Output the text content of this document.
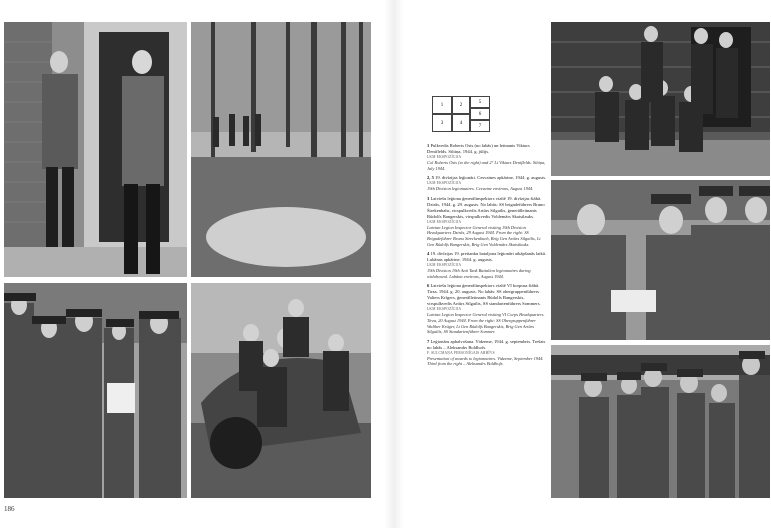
186
1	2
3	4
5
6
7
1 Pulkvedis Roberts Osis (no labās) un leitnants Vikturs Deniflelds. Siltiņa, 1944. g. jūlijs.
LKM EKSPOZĪCIJA
Col Roberts Osis (to the right) and 2° Lt Vikturs Deniflelds. Siltiņa, July 1944.
2, 5 19. divīzijas leģionāri. Cesvaines apkārtne, 1944. g. augusts.
LKM EKSPOZĪCIJA
19th Division legionnaires. Cesvaine environs, August 1944.
3 Latviešu leģiona ģenerālinspektors vizītē 19. divīzijas štābā. Dzirās, 1944. g. 29. augusts. No labās: SS brigadeführers Bruno Štrekenbahs, virspulkvedis Artūrs Silgailis, ģenerālleitnants Rūdolfs Bangerskis, virspulkvedis Voldemārs Skaistlauks.
LKM EKSPOZĪCIJA
Latvian Legion Inspector General visiting 19th Division Headquarters Dzirās, 29 August 1944. From the right: SS Brigadeführer Bruno Streckenbach, Brig Gen Artūrs Silgailis, Lt Gen Rūdolfs Bangerskis, Brig Gen Voldemārs Skaistlauks.
4 19. divīzijas 19. prettanku bataljona leģionāri atkāpšanās laikā. Lubānas apkārtne, 1944. g. augusts.
LKM EKSPOZĪCIJA
19th Division 19th Anti Tank Battalion legionnaires during withdrawal. Lubāna environs, August 1944.
6 Latviešu leģiona ģenerālinspektors vizītē VI korpusa štābā. Tirza, 1944. g. 20. augusts. No labās: SS obergruppenführers Valters Krīgers, ģenerālleitnants Rūdolfs Bangerskis, virspulkvedis Artūrs Silgailis, SS standartenführers Sommers.
LKM EKSPOZĪCIJA
Latvian Legion Inspector General visiting VI Corps Headquarters. Tirza, 20 August 1944. From the right: SS Obergruppenführer Walther Krüger, Lt Gen Rūdolfs Bangerskis, Brig Gen Artūrs Silgailis, SS Standartenführer Sommer.
7 Leģionāru apbalvošana. Vidzeme, 1944. g. septembris. Trešais no labās – Aleksandrs Boldhofs.
F. SULCMAŅA PERSONĪGAIS ARHĪVS
Presentation of awards to legionnaires. Vidzeme, September 1944. Third from the right – Aleksandrs Boldhofs.
